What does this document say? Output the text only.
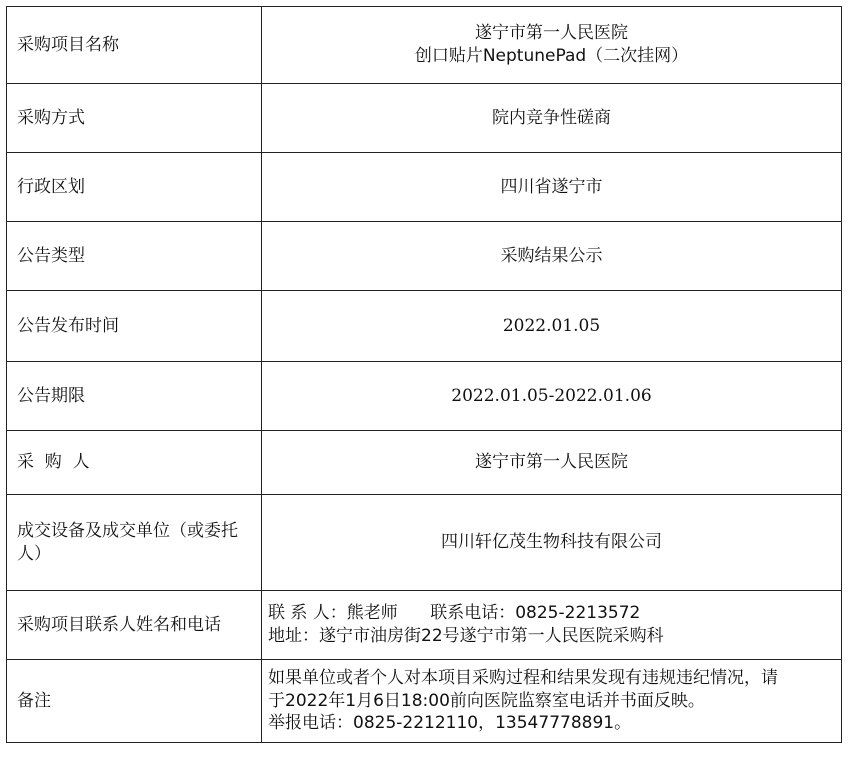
采购项目名称	遂宁市第一人民医院
创口贴片NeptunePad（二次挂网）

采购方式	院内竞争性磋商
行政区划	四川省遂宁市
公告类型	采购结果公示
公告发布时间	2022.01.05
公告期限	2022.01.05-2022.01.06
采  购  人	遂宁市第一人民医院
成交设备及成交单位（或委托人）	四川轩亿茂生物科技有限公司
采购项目联系人姓名和电话	联 系 人：熊老师      联系电话：0825-2213572
地址：遂宁市油房街22号遂宁市第一人民医院采购科

备注	如果单位或者个人对本项目采购过程和结果发现有违规违纪情况，请
于2022年1月6日18:00前向医院监察室电话并书面反映。
举报电话：0825-2212110，13547778891。
